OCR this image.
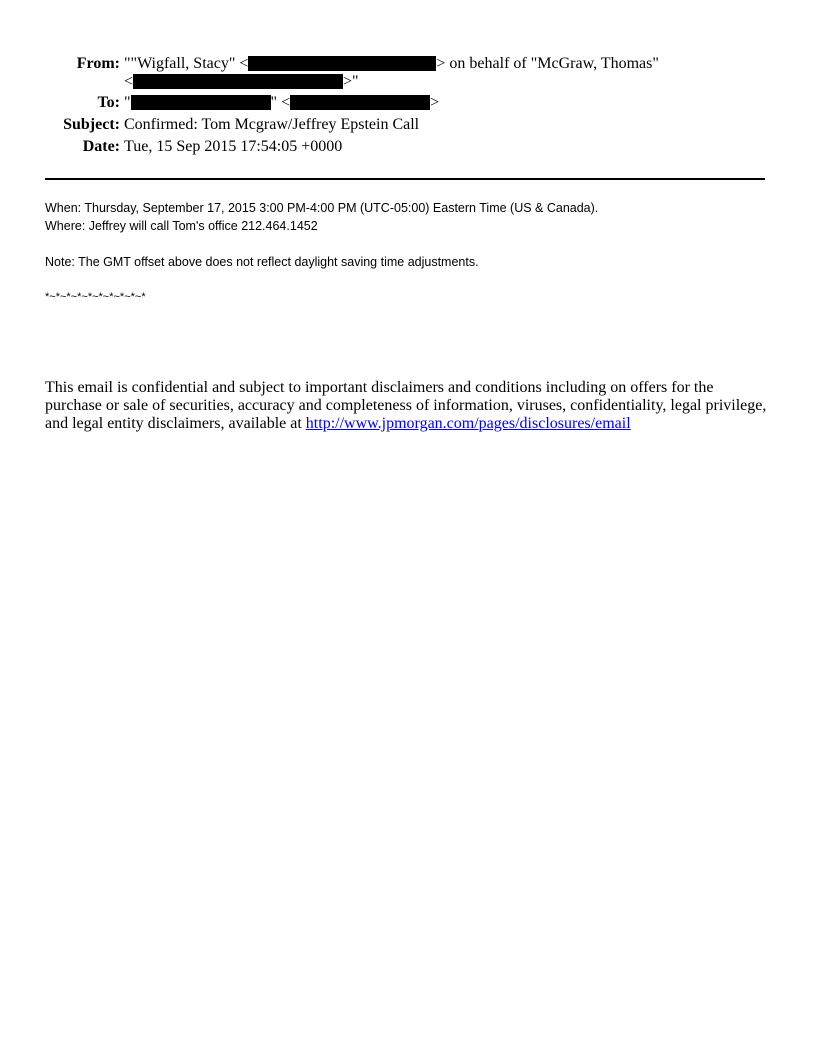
From: ""Wigfall, Stacy" <	> on behalf of "McGraw, Thomas"
<	>"
To: "	" <	>
Subject: Confirmed: Tom Mcgraw/Jeffrey Epstein Call
Date: Tue, 15 Sep 2015 17:54:05 +0000
When: Thursday, September 17, 2015 3:00 PM-4:00 PM (UTC-05:00) Eastern Time (US & Canada).
Where: Jeffrey will call Tom's office 212.464.1452
Note: The GMT offset above does not reflect daylight saving time adjustments.
*~*~*~*~*~*~*~*~*~*
This email is confidential and subject to important disclaimers and conditions including on offers for the purchase or sale of securities, accuracy and completeness of information, viruses, confidentiality, legal privilege, and legal entity disclaimers, available at http://www.jpmorgan.com/pages/disclosures/email
